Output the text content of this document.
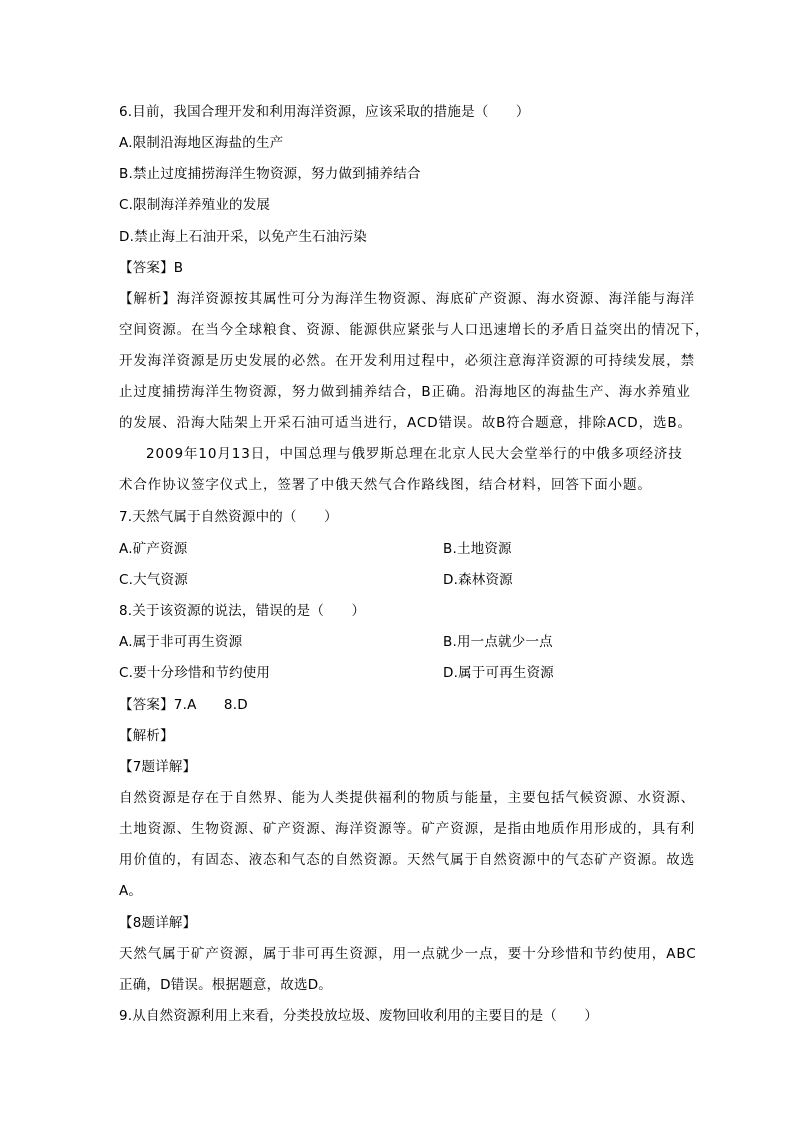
6.目前，我国合理开发和利用海洋资源，应该采取的措施是（　　）
A.限制沿海地区海盐的生产
B.禁止过度捕捞海洋生物资源，努力做到捕养结合
C.限制海洋养殖业的发展
D.禁止海上石油开采，以免产生石油污染
【答案】B
【解析】海洋资源按其属性可分为海洋生物资源、海底矿产资源、海水资源、海洋能与海洋
空间资源。在当今全球粮食、资源、能源供应紧张与人口迅速增长的矛盾日益突出的情况下，
开发海洋资源是历史发展的必然。在开发利用过程中，必须注意海洋资源的可持续发展，禁
止过度捕捞海洋生物资源，努力做到捕养结合，B正确。沿海地区的海盐生产、海水养殖业
的发展、沿海大陆架上开采石油可适当进行，ACD错误。故B符合题意，排除ACD，选B。
2009年10月13日，中国总理与俄罗斯总理在北京人民大会堂举行的中俄多项经济技
术合作协议签字仪式上，签署了中俄天然气合作路线图，结合材料，回答下面小题。
7.天然气属于自然资源中的（　　）
A.矿产资源	B.土地资源
C.大气资源	D.森林资源
8.关于该资源的说法，错误的是（　　）
A.属于非可再生资源	B.用一点就少一点
C.要十分珍惜和节约使用	D.属于可再生资源
【答案】7.A　　8.D
【解析】
【7题详解】
自然资源是存在于自然界、能为人类提供福利的物质与能量，主要包括气候资源、水资源、
土地资源、生物资源、矿产资源、海洋资源等。矿产资源，是指由地质作用形成的，具有利
用价值的，有固态、液态和气态的自然资源。天然气属于自然资源中的气态矿产资源。故选
A。
【8题详解】
天然气属于矿产资源，属于非可再生资源，用一点就少一点，要十分珍惜和节约使用，ABC
正确，D错误。根据题意，故选D。
9.从自然资源利用上来看，分类投放垃圾、废物回收利用的主要目的是（　　）
